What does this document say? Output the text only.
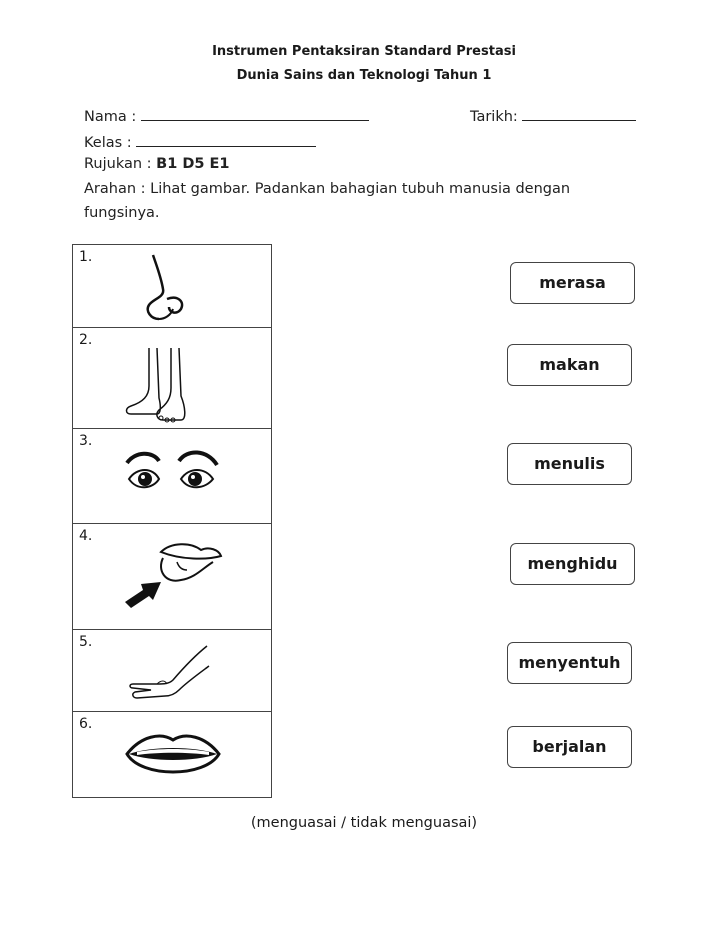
Instrumen Pentaksiran Standard Prestasi
Dunia Sains dan Teknologi Tahun 1
Nama :	Tarikh:
Kelas :
Rujukan : B1 D5 E1
Arahan : Lihat gambar. Padankan bahagian tubuh manusia dengan
fungsinya.
1.
2.
3.
4.
5.
6.
merasa
makan
menulis
menghidu
menyentuh
berjalan
(menguasai / tidak menguasai)
